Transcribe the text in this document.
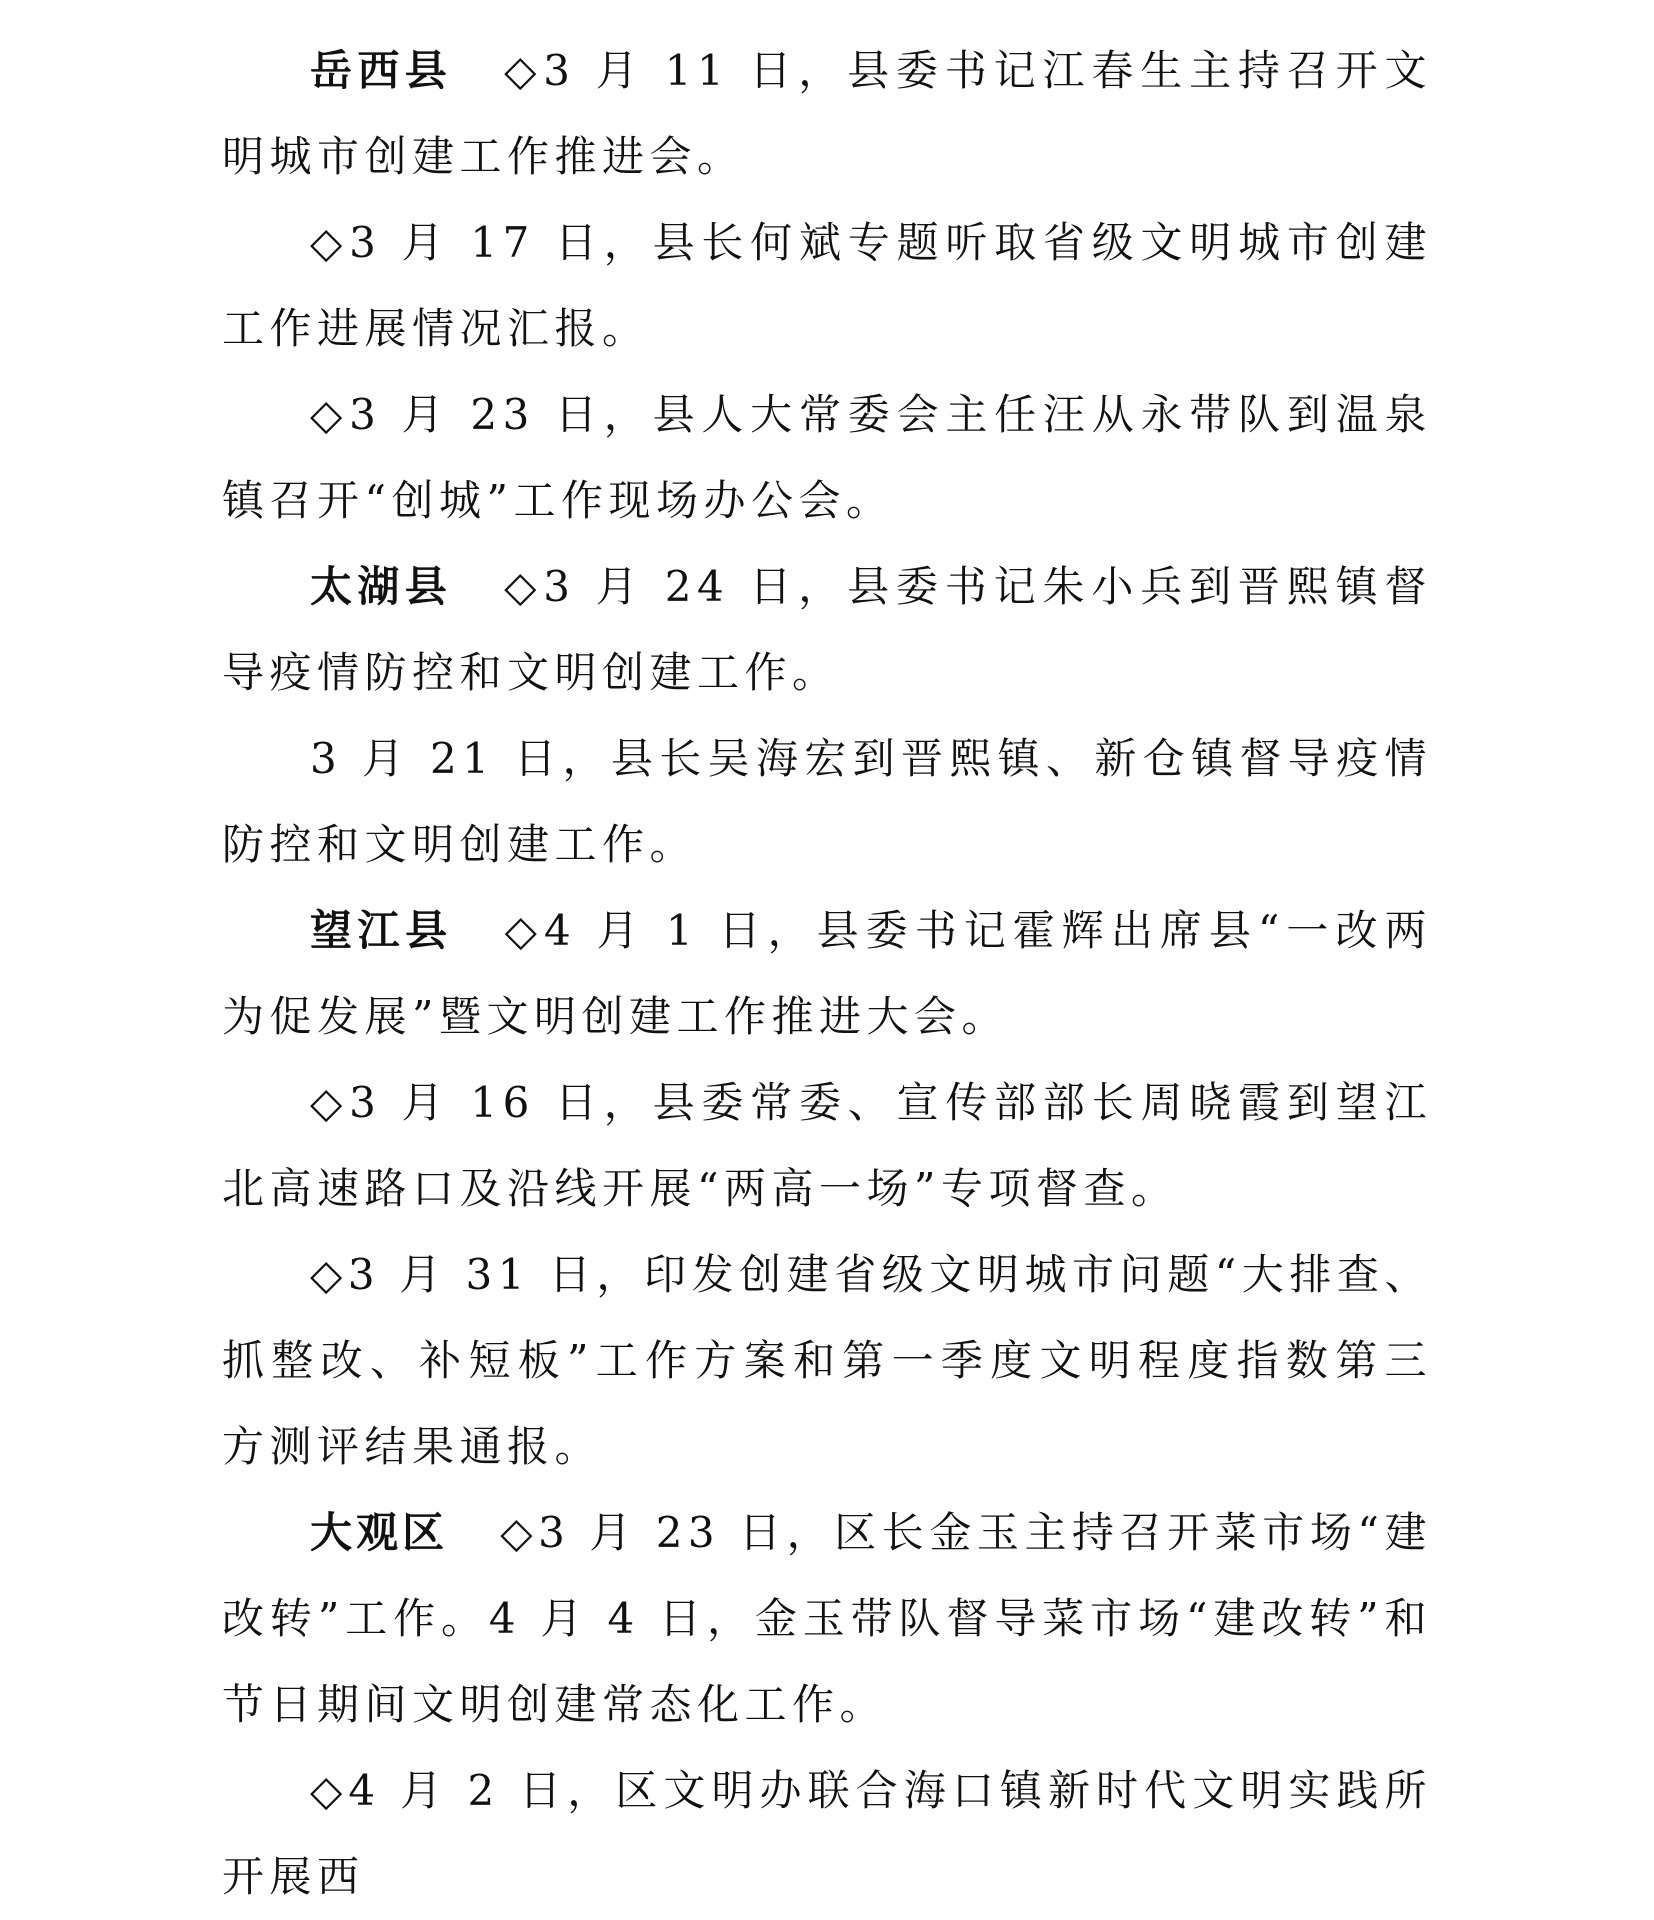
岳西县 ◇3 月 11 日，县委书记江春生主持召开文明城市创建工作推进会。

◇3 月 17 日，县长何斌专题听取省级文明城市创建工作进展情况汇报。

◇3 月 23 日，县人大常委会主任汪从永带队到温泉镇召开“创城”工作现场办公会。

太湖县 ◇3 月 24 日，县委书记朱小兵到晋熙镇督导疫情防控和文明创建工作。

3 月 21 日，县长吴海宏到晋熙镇、新仓镇督导疫情防控和文明创建工作。

望江县 ◇4 月 1 日，县委书记霍辉出席县“一改两为促发展”暨文明创建工作推进大会。

◇3 月 16 日，县委常委、宣传部部长周晓霞到望江北高速路口及沿线开展“两高一场”专项督查。

◇3 月 31 日，印发创建省级文明城市问题“大排查、抓整改、补短板”工作方案和第一季度文明程度指数第三方测评结果通报。

大观区 ◇3 月 23 日，区长金玉主持召开菜市场“建改转”工作。4 月 4 日，金玉带队督导菜市场“建改转”和节日期间文明创建常态化工作。

◇4 月 2 日，区文明办联合海口镇新时代文明实践所开展西
